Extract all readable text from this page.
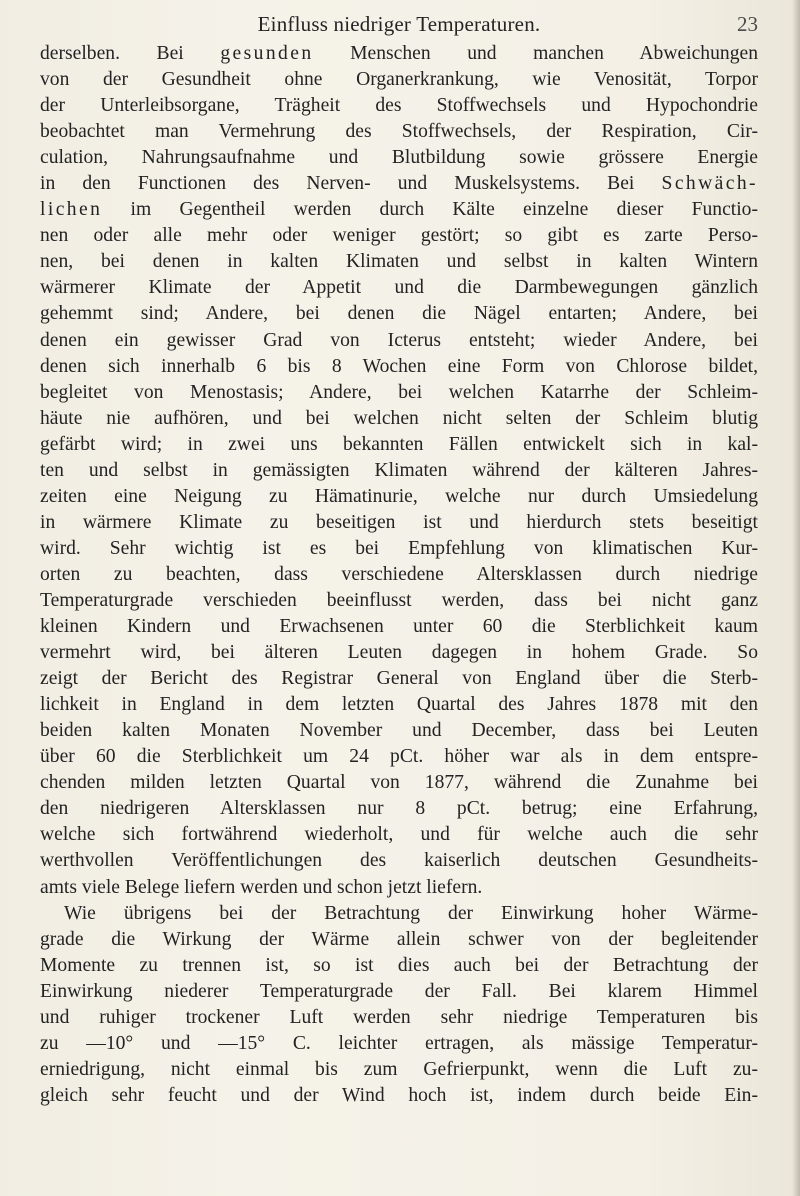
Einfluss niedriger Temperaturen.	23
derselben. Bei gesunden Menschen und manchen Abweichungen
von der Gesundheit ohne Organerkrankung, wie Venosität, Torpor
der Unterleibsorgane, Trägheit des Stoffwechsels und Hypochondrie
beobachtet man Vermehrung des Stoffwechsels, der Respiration, Cir-
culation, Nahrungsaufnahme und Blutbildung sowie grössere Energie
in den Functionen des Nerven- und Muskelsystems. Bei Schwäch-
lichen im Gegentheil werden durch Kälte einzelne dieser Functio-
nen oder alle mehr oder weniger gestört; so gibt es zarte Perso-
nen, bei denen in kalten Klimaten und selbst in kalten Wintern
wärmerer Klimate der Appetit und die Darmbewegungen gänzlich
gehemmt sind; Andere, bei denen die Nägel entarten; Andere, bei
denen ein gewisser Grad von Icterus entsteht; wieder Andere, bei
denen sich innerhalb 6 bis 8 Wochen eine Form von Chlorose bildet,
begleitet von Menostasis; Andere, bei welchen Katarrhe der Schleim-
häute nie aufhören, und bei welchen nicht selten der Schleim blutig
gefärbt wird; in zwei uns bekannten Fällen entwickelt sich in kal-
ten und selbst in gemässigten Klimaten während der kälteren Jahres-
zeiten eine Neigung zu Hämatinurie, welche nur durch Umsiedelung
in wärmere Klimate zu beseitigen ist und hierdurch stets beseitigt
wird. Sehr wichtig ist es bei Empfehlung von klimatischen Kur-
orten zu beachten, dass verschiedene Altersklassen durch niedrige
Temperaturgrade verschieden beeinflusst werden, dass bei nicht ganz
kleinen Kindern und Erwachsenen unter 60 die Sterblichkeit kaum
vermehrt wird, bei älteren Leuten dagegen in hohem Grade. So
zeigt der Bericht des Registrar General von England über die Sterb-
lichkeit in England in dem letzten Quartal des Jahres 1878 mit den
beiden kalten Monaten November und December, dass bei Leuten
über 60 die Sterblichkeit um 24 pCt. höher war als in dem entspre-
chenden milden letzten Quartal von 1877, während die Zunahme bei
den niedrigeren Altersklassen nur 8 pCt. betrug; eine Erfahrung,
welche sich fortwährend wiederholt, und für welche auch die sehr
werthvollen Veröffentlichungen des kaiserlich deutschen Gesundheits-
amts viele Belege liefern werden und schon jetzt liefern.
Wie übrigens bei der Betrachtung der Einwirkung hoher Wärme-
grade die Wirkung der Wärme allein schwer von der begleitender
Momente zu trennen ist, so ist dies auch bei der Betrachtung der
Einwirkung niederer Temperaturgrade der Fall. Bei klarem Himmel
und ruhiger trockener Luft werden sehr niedrige Temperaturen bis
zu —10° und —15° C. leichter ertragen, als mässige Temperatur-
erniedrigung, nicht einmal bis zum Gefrierpunkt, wenn die Luft zu-
gleich sehr feucht und der Wind hoch ist, indem durch beide Ein-
